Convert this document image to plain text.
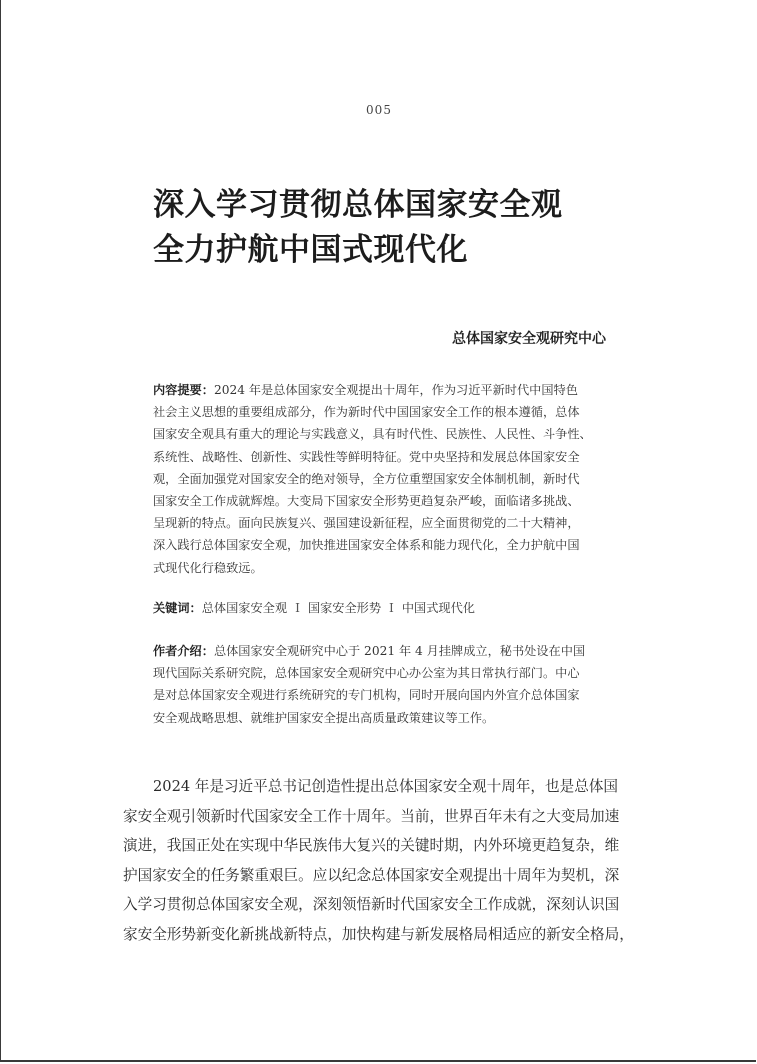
005
深入学习贯彻总体国家安全观
全力护航中国式现代化
总体国家安全观研究中心
内容提要：2024 年是总体国家安全观提出十周年，作为习近平新时代中国特色
社会主义思想的重要组成部分，作为新时代中国国家安全工作的根本遵循，总体
国家安全观具有重大的理论与实践意义，具有时代性、民族性、人民性、斗争性、
系统性、战略性、创新性、实践性等鲜明特征。党中央坚持和发展总体国家安全
观，全面加强党对国家安全的绝对领导，全方位重塑国家安全体制机制，新时代
国家安全工作成就辉煌。大变局下国家安全形势更趋复杂严峻，面临诸多挑战、
呈现新的特点。面向民族复兴、强国建设新征程，应全面贯彻党的二十大精神，
深入践行总体国家安全观，加快推进国家安全体系和能力现代化，全力护航中国
式现代化行稳致远。
关键词：总体国家安全观 I 国家安全形势 I 中国式现代化
作者介绍：总体国家安全观研究中心于 2021 年 4 月挂牌成立，秘书处设在中国
现代国际关系研究院，总体国家安全观研究中心办公室为其日常执行部门。中心
是对总体国家安全观进行系统研究的专门机构，同时开展向国内外宣介总体国家
安全观战略思想、就维护国家安全提出高质量政策建议等工作。
2024 年是习近平总书记创造性提出总体国家安全观十周年，也是总体国
家安全观引领新时代国家安全工作十周年。当前，世界百年未有之大变局加速
演进，我国正处在实现中华民族伟大复兴的关键时期，内外环境更趋复杂，维
护国家安全的任务繁重艰巨。应以纪念总体国家安全观提出十周年为契机，深
入学习贯彻总体国家安全观，深刻领悟新时代国家安全工作成就，深刻认识国
家安全形势新变化新挑战新特点，加快构建与新发展格局相适应的新安全格局，
